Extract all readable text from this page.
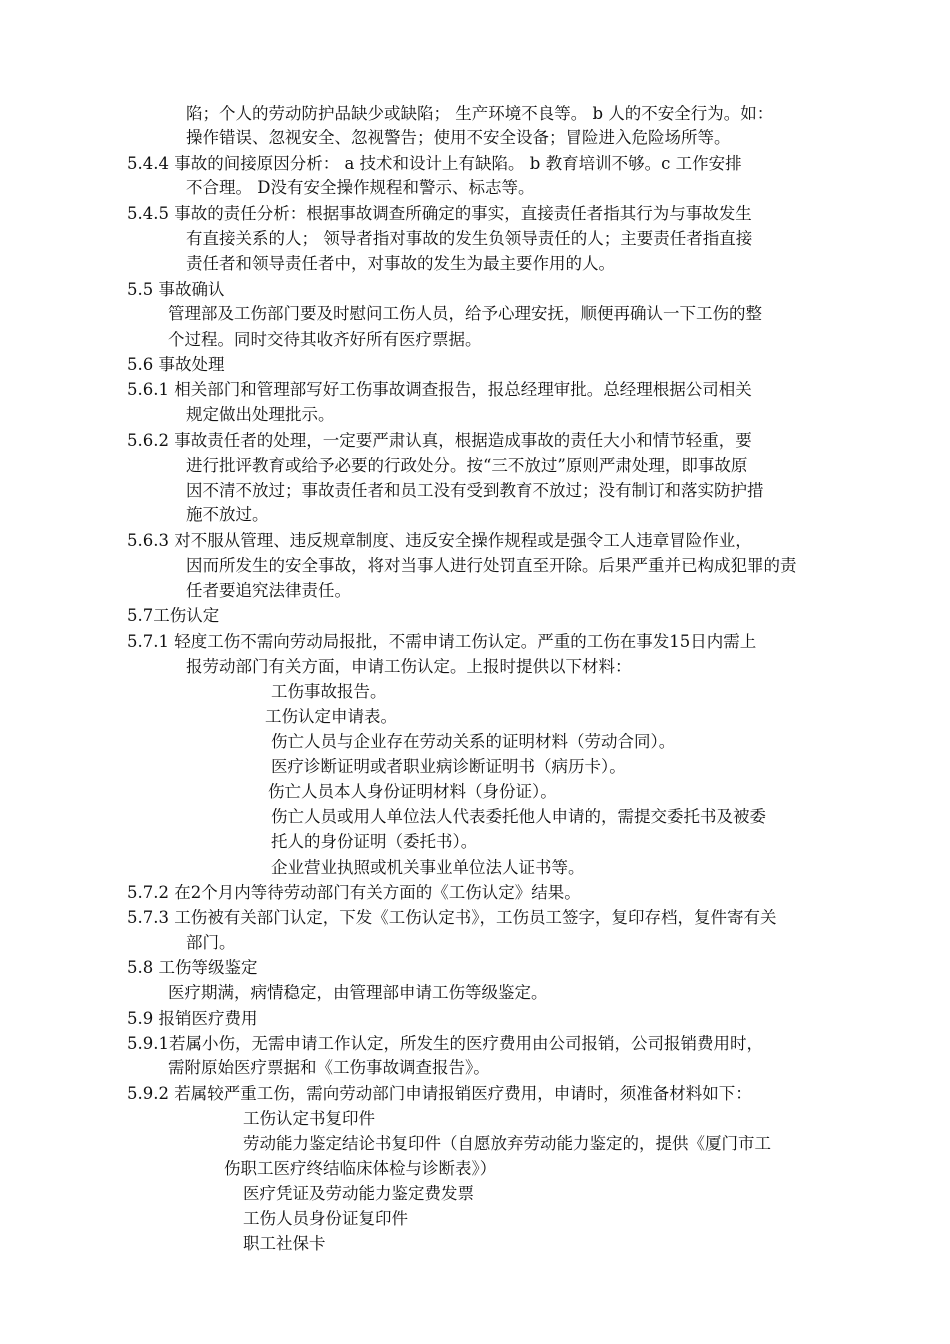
陷；个人的劳动防护品缺少或缺陷； 生产环境不良等。 b 人的不安全行为。如：
操作错误、忽视安全、忽视警告；使用不安全设备；冒险进入危险场所等。
5.4.4 事故的间接原因分析： a 技术和设计上有缺陷。 b 教育培训不够。c 工作安排
不合理。 D没有安全操作规程和警示、标志等。
5.4.5 事故的责任分析：根据事故调查所确定的事实，直接责任者指其行为与事故发生
有直接关系的人； 领导者指对事故的发生负领导责任的人；主要责任者指直接
责任者和领导责任者中，对事故的发生为最主要作用的人。
5.5 事故确认
管理部及工伤部门要及时慰问工伤人员，给予心理安抚，顺便再确认一下工伤的整
个过程。同时交待其收齐好所有医疗票据。
5.6 事故处理
5.6.1 相关部门和管理部写好工伤事故调查报告，报总经理审批。总经理根据公司相关
规定做出处理批示。
5.6.2 事故责任者的处理，一定要严肃认真，根据造成事故的责任大小和情节轻重，要
进行批评教育或给予必要的行政处分。按“三不放过”原则严肃处理，即事故原
因不清不放过；事故责任者和员工没有受到教育不放过；没有制订和落实防护措
施不放过。
5.6.3 对不服从管理、违反规章制度、违反安全操作规程或是强令工人违章冒险作业，
因而所发生的安全事故，将对当事人进行处罚直至开除。后果严重并已构成犯罪的责
任者要追究法律责任。
5.7工伤认定
5.7.1 轻度工伤不需向劳动局报批，不需申请工伤认定。严重的工伤在事发15日内需上
报劳动部门有关方面，申请工伤认定。上报时提供以下材料：
工伤事故报告。
工伤认定申请表。
伤亡人员与企业存在劳动关系的证明材料（劳动合同）。
医疗诊断证明或者职业病诊断证明书（病历卡）。
伤亡人员本人身份证明材料（身份证）。
伤亡人员或用人单位法人代表委托他人申请的，需提交委托书及被委
托人的身份证明（委托书）。
企业营业执照或机关事业单位法人证书等。
5.7.2 在2个月内等待劳动部门有关方面的《工伤认定》结果。
5.7.3 工伤被有关部门认定，下发《工伤认定书》，工伤员工签字，复印存档，复件寄有关
部门。
5.8 工伤等级鉴定
医疗期满，病情稳定，由管理部申请工伤等级鉴定。
5.9 报销医疗费用
5.9.1若属小伤，无需申请工作认定，所发生的医疗费用由公司报销，公司报销费用时，
需附原始医疗票据和《工伤事故调查报告》。
5.9.2 若属较严重工伤，需向劳动部门申请报销医疗费用，申请时，须准备材料如下：
工伤认定书复印件
劳动能力鉴定结论书复印件（自愿放弃劳动能力鉴定的，提供《厦门市工
伤职工医疗终结临床体检与诊断表》）
医疗凭证及劳动能力鉴定费发票
工伤人员身份证复印件
职工社保卡
